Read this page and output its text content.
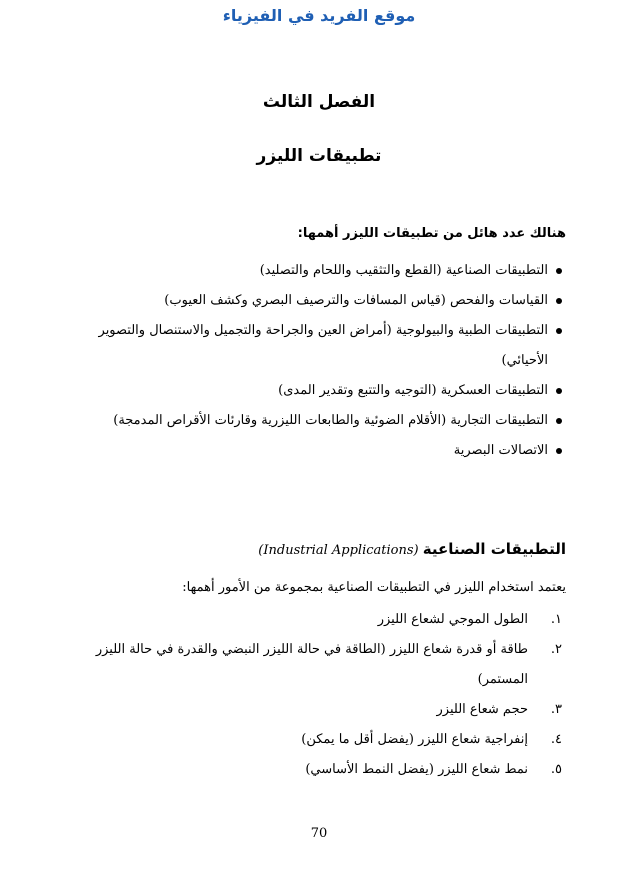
موقع الفريد في الفيزياء
الفصل الثالث
تطبيقات الليزر
هنالك عدد هائل من تطبيقات الليزر أهمها:
التطبيقات الصناعية (القطع والتثقيب واللحام والتصليد)
القياسات والفحص (قياس المسافات والترصيف البصري وكشف العيوب)
التطبيقات الطبية والبيولوجية (أمراض العين والجراحة والتجميل والاستنصال والتصوير الأحيائي)
التطبيقات العسكرية (التوجيه والتتبع وتقدير المدى)
التطبيقات التجارية (الأقلام الضوئية والطابعات الليزرية وقارئات الأقراص المدمجة)
الاتصالات البصرية
التطبيقات الصناعية (Industrial Applications)
يعتمد استخدام الليزر في التطبيقات الصناعية بمجموعة من الأمور أهمها:
١.
الطول الموجي لشعاع الليزر
٢.
طاقة أو قدرة شعاع الليزر (الطاقة في حالة الليزر النبضي والقدرة في حالة الليزر المستمر)
٣.
حجم شعاع الليزر
٤.
إنفراجية شعاع الليزر (يفضل أقل ما يمكن)
٥.
نمط شعاع الليزر (يفضل النمط الأساسي)
70
